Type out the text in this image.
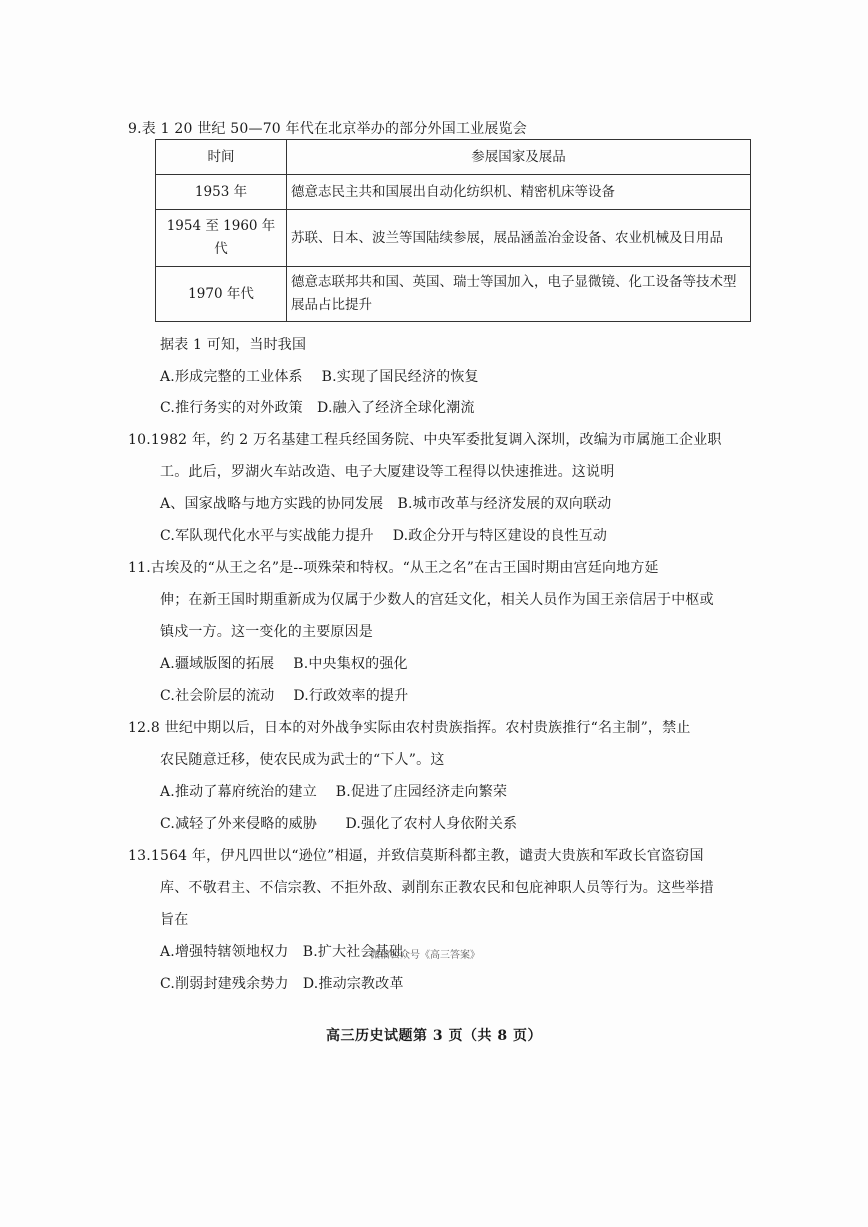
9.表 1 20 世纪 50—70 年代在北京举办的部分外国工业展览会
时间	参展国家及展品
1953 年	德意志民主共和国展出自动化纺织机、精密机床等设备
1954 至 1960 年代	苏联、日本、波兰等国陆续参展，展品涵盖冶金设备、农业机械及日用品
1970 年代	德意志联邦共和国、英国、瑞士等国加入，电子显微镜、化工设备等技术型展品占比提升
据表 1 可知，当时我国
A.形成完整的工业体系　 B.实现了国民经济的恢复
C.推行务实的对外政策　D.融入了经济全球化潮流
10.1982 年，约 2 万名基建工程兵经国务院、中央军委批复调入深圳，改编为市属施工企业职
工。此后，罗湖火车站改造、电子大厦建设等工程得以快速推进。这说明
A、国家战略与地方实践的协同发展　B.城市改革与经济发展的双向联动
C.军队现代化水平与实战能力提升　 D.政企分开与特区建设的良性互动
11.古埃及的“从王之名”是--项殊荣和特权。“从王之名”在古王国时期由宫廷向地方延
伸；在新王国时期重新成为仅属于少数人的宫廷文化，相关人员作为国王亲信居于中枢或
镇戍一方。这一变化的主要原因是
A.疆域版图的拓展　 B.中央集权的强化
C.社会阶层的流动　 D.行政效率的提升
12.8 世纪中期以后，日本的对外战争实际由农村贵族指挥。农村贵族推行“名主制”，禁止
农民随意迁移，使农民成为武士的“下人”。这
A.推动了幕府统治的建立　 B.促进了庄园经济走向繁荣
C.减轻了外来侵略的威胁　　D.强化了农村人身依附关系
13.1564 年，伊凡四世以“逊位”相逼，并致信莫斯科都主教，谴责大贵族和军政长官盗窃国
库、不敬君主、不信宗教、不拒外敌、剥削东正教农民和包庇神职人员等行为。这些举措
旨在
A.增强特辖领地权力　B.扩大社会基础
C.削弱封建残余势力　D.推动宗教改革
微信公众号《高三答案》
高三历史试题第 3 页（共 8 页）
